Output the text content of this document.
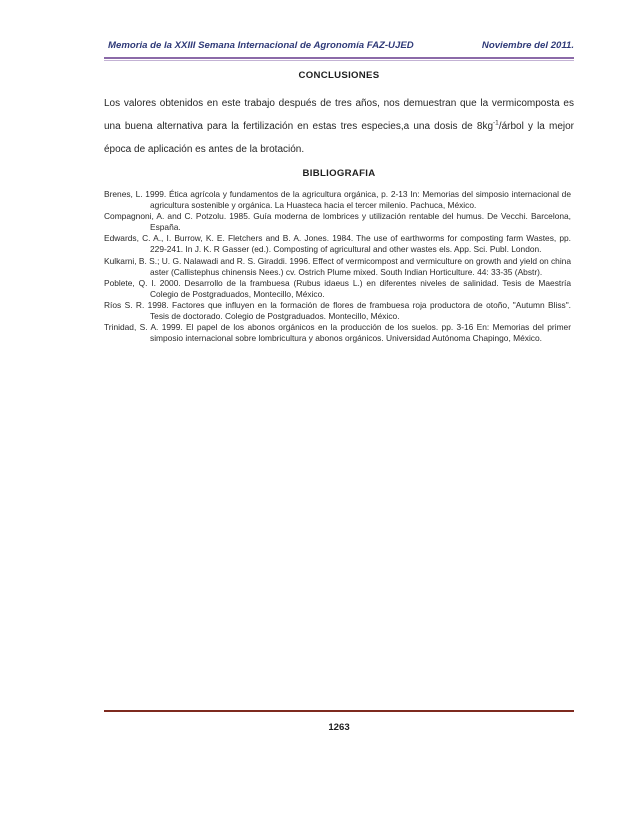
Memoria de la XXIII Semana Internacional de Agronomía FAZ-UJED	Noviembre del 2011.
CONCLUSIONES

Los valores obtenidos en este trabajo después de tres años, nos demuestran que la vermicomposta es una buena alternativa para la fertilización en estas tres especies,a una dosis de $8kg^{-1}$/árbol y la mejor época de aplicación es antes de la brotación.

BIBLIOGRAFIA
Brenes, L. 1999. Ética agrícola y fundamentos de la agricultura orgánica, p. 2-13 In: Memorias del simposio internacional de agricultura sostenible y orgánica. La Huasteca hacia el tercer milenio. Pachuca, México.
Compagnoni, A. and C. Potzolu. 1985. Guía moderna de lombrices y utilización rentable del humus. De Vecchi. Barcelona, España.
Edwards, C. A., I. Burrow, K. E. Fletchers and B. A. Jones. 1984. The use of earthworms for composting farm Wastes, pp. 229-241. In J. K. R Gasser (ed.). Composting of agricultural and other wastes els. App. Sci. Publ. London.
Kulkarni, B. S.; U. G. Nalawadi and R. S. Giraddi. 1996. Effect of vermicompost and vermiculture on growth and yield on china aster (Callistephus chinensis Nees.) cv. Ostrich Plume mixed. South Indian Horticulture. 44: 33-35 (Abstr).
Poblete, Q. I. 2000. Desarrollo de la frambuesa (Rubus idaeus L.) en diferentes niveles de salinidad. Tesis de Maestría Colegio de Postgraduados, Montecillo, México.
Ríos S. R. 1998. Factores que influyen en la formación de flores de frambuesa roja productora de otoño, "Autumn Bliss". Tesis de doctorado. Colegio de Postgraduados. Montecillo, México.
Trinidad, S. A. 1999. El papel de los abonos orgánicos en la producción de los suelos. pp. 3-16 En: Memorias del primer simposio internacional sobre lombricultura y abonos orgánicos. Universidad Autónoma Chapingo, México.
1263
